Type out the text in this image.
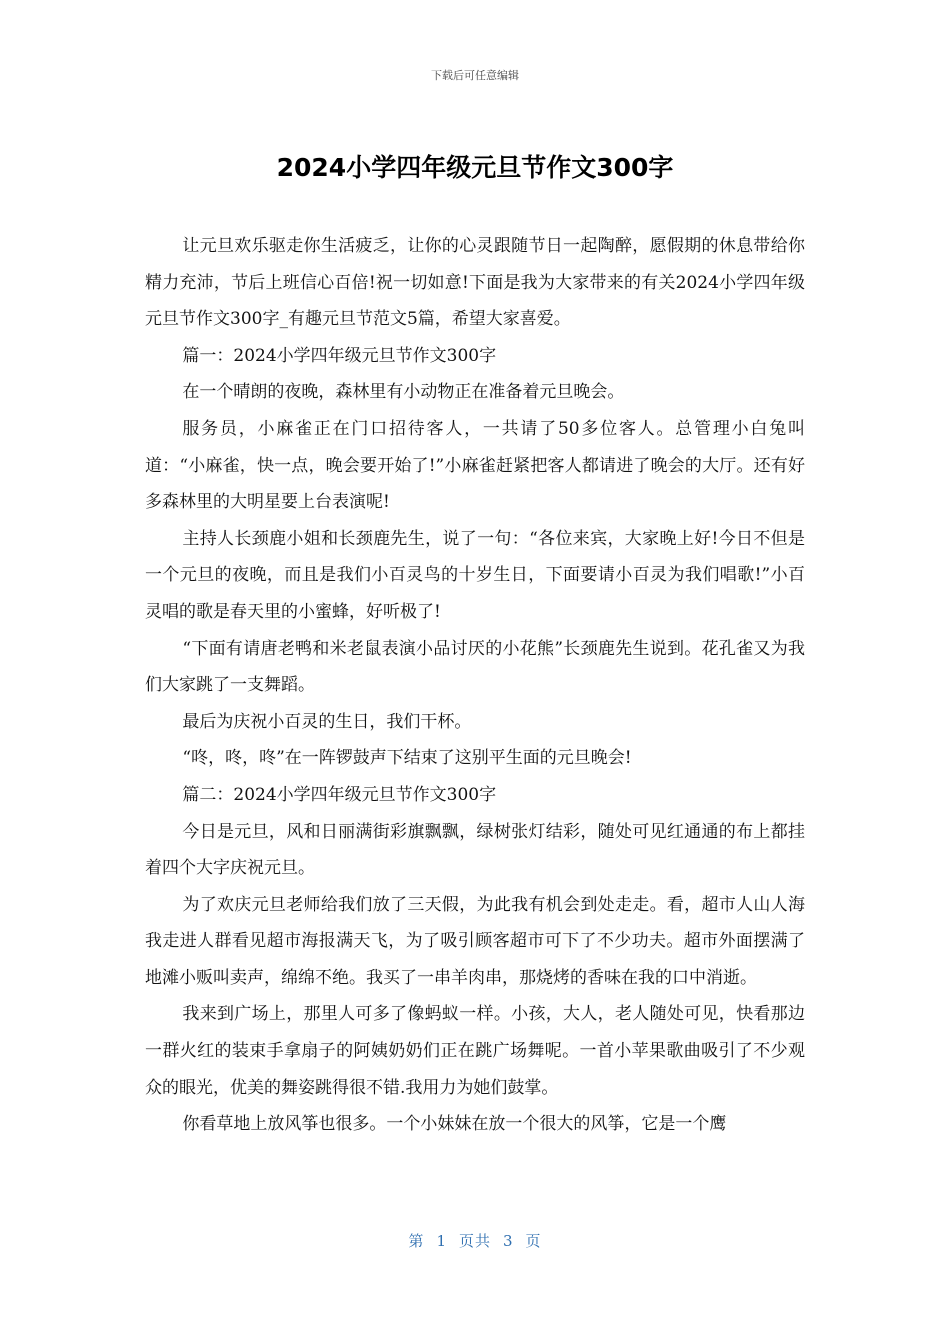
下载后可任意编辑
2024小学四年级元旦节作文300字

让元旦欢乐驱走你生活疲乏，让你的心灵跟随节日一起陶醉，愿假期的休息带给你精力充沛，节后上班信心百倍!祝一切如意!下面是我为大家带来的有关2024小学四年级元旦节作文300字_有趣元旦节范文5篇，希望大家喜爱。

篇一：2024小学四年级元旦节作文300字

在一个晴朗的夜晚，森林里有小动物正在准备着元旦晚会。

服务员，小麻雀正在门口招待客人，一共请了50多位客人。总管理小白兔叫道：“小麻雀，快一点，晚会要开始了!”小麻雀赶紧把客人都请进了晚会的大厅。还有好多森林里的大明星要上台表演呢!

主持人长颈鹿小姐和长颈鹿先生，说了一句：“各位来宾，大家晚上好!今日不但是一个元旦的夜晚，而且是我们小百灵鸟的十岁生日，下面要请小百灵为我们唱歌!”小百灵唱的歌是春天里的小蜜蜂，好听极了!

“下面有请唐老鸭和米老鼠表演小品讨厌的小花熊”长颈鹿先生说到。花孔雀又为我们大家跳了一支舞蹈。

最后为庆祝小百灵的生日，我们干杯。

“咚，咚，咚”在一阵锣鼓声下结束了这别平生面的元旦晚会!

篇二：2024小学四年级元旦节作文300字

今日是元旦，风和日丽满街彩旗飘飘，绿树张灯结彩，随处可见红通通的布上都挂着四个大字庆祝元旦。

为了欢庆元旦老师给我们放了三天假，为此我有机会到处走走。看，超市人山人海我走进人群看见超市海报满天飞，为了吸引顾客超市可下了不少功夫。超市外面摆满了地滩小贩叫卖声，绵绵不绝。我买了一串羊肉串，那烧烤的香味在我的口中消逝。

我来到广场上，那里人可多了像蚂蚁一样。小孩，大人，老人随处可见，快看那边一群火红的装束手拿扇子的阿姨奶奶们正在跳广场舞呢。一首小苹果歌曲吸引了不少观众的眼光，优美的舞姿跳得很不错.我用力为她们鼓掌。

你看草地上放风筝也很多。一个小妹妹在放一个很大的风筝，它是一个鹰

第 1 页共 3 页
